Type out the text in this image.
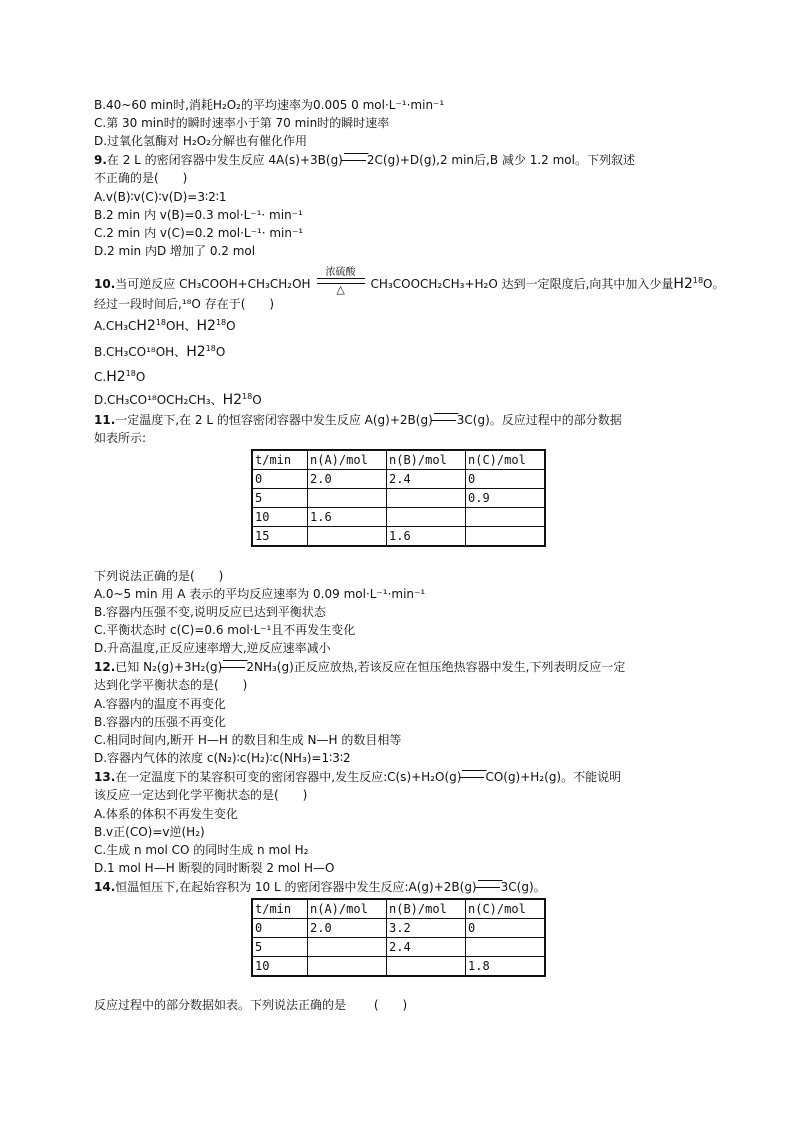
B.40~60 min时,消耗H₂O₂的平均速率为0.005 0 mol·L⁻¹·min⁻¹
C.第 30 min时的瞬时速率小于第 70 min时的瞬时速率
D.过氧化氢酶对 H₂O₂分解也有催化作用
9.在 2 L 的密闭容器中发生反应 4A(s)+3B(g) 2C(g)+D(g),2 min后,B 减少 1.2 mol。下列叙述
不正确的是(　　)
A.v(B)∶v(C)∶v(D)=3∶2∶1
B.2 min 内 v(B)=0.3 mol·L⁻¹· min⁻¹
C.2 min 内 v(C)=0.2 mol·L⁻¹· min⁻¹
D.2 min 内D 增加了 0.2 mol
10.当可逆反应 CH₃COOH+CH₃CH₂OH
浓硫酸
△	CH₃COOCH₂CH₃+H₂O 达到一定限度后,向其中加入少量$H2^{18}O$。
经过一段时间后,¹⁸O 存在于(　　)
$A.CH_3CH2^{18}OH$、$H2^{18}O$
B.CH₃CO¹⁸OH、$H2^{18}O$
$C.H2^{18}O$
D.CH₃CO¹⁸OCH₂CH₃、$H2^{18}O$
11.一定温度下,在 2 L 的恒容密闭容器中发生反应 A(g)+2B(g) 3C(g)。反应过程中的部分数据
如表所示:
t/min	n(A)/mol	n(B)/mol	n(C)/mol
0	2.0	2.4	0
5			0.9
10	1.6		
15		1.6	
下列说法正确的是(　　)
A.0~5 min 用 A 表示的平均反应速率为 0.09 mol·L⁻¹·min⁻¹
B.容器内压强不变,说明反应已达到平衡状态
C.平衡状态时 c(C)=0.6 mol·L⁻¹且不再发生变化
D.升高温度,正反应速率增大,逆反应速率减小
12.已知 N₂(g)+3H₂(g) 2NH₃(g)正反应放热,若该反应在恒压绝热容器中发生,下列表明反应一定
达到化学平衡状态的是(　　)
A.容器内的温度不再变化
B.容器内的压强不再变化
C.相同时间内,断开 H—H 的数目和生成 N—H 的数目相等
D.容器内气体的浓度 c(N₂)∶c(H₂)∶c(NH₃)=1∶3∶2
13.在一定温度下的某容积可变的密闭容器中,发生反应:C(s)+H₂O(g) CO(g)+H₂(g)。不能说明
该反应一定达到化学平衡状态的是(　　)
A.体系的体积不再发生变化
B.v正(CO)=v逆(H₂)
C.生成 n mol CO 的同时生成 n mol H₂
D.1 mol H—H 断裂的同时断裂 2 mol H—O
14.恒温恒压下,在起始容积为 10 L 的密闭容器中发生反应:A(g)+2B(g) 3C(g)。
t/min	n(A)/mol	n(B)/mol	n(C)/mol
0	2.0	3.2	0
5		2.4	
10			1.8
反应过程中的部分数据如表。下列说法正确的是　　 (　　)
